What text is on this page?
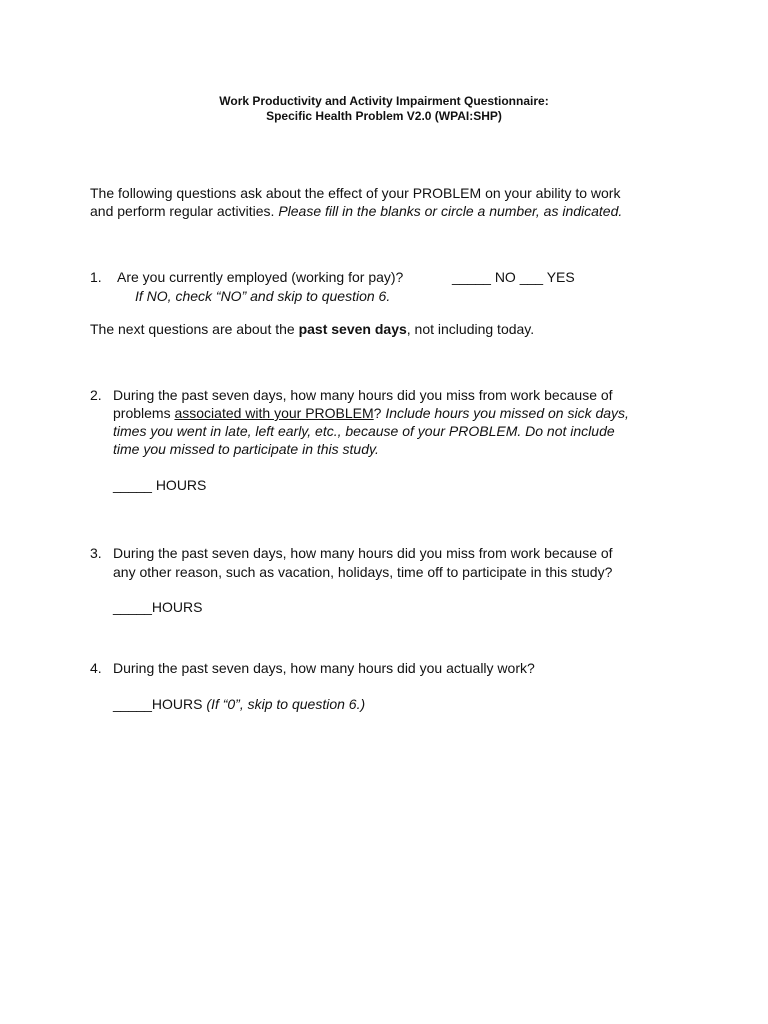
Work Productivity and Activity Impairment Questionnaire:
Specific Health Problem V2.0 (WPAI:SHP)
The following questions ask about the effect of your PROBLEM on your ability to work
and perform regular activities. Please fill in the blanks or circle a number, as indicated.
1. Are you currently employed (working for pay)?	_____ NO ___ YES
If NO, check “NO” and skip to question 6.
The next questions are about the past seven days, not including today.
2. During the past seven days, how many hours did you miss from work because of
problems associated with your PROBLEM? Include hours you missed on sick days,
times you went in late, left early, etc., because of your PROBLEM. Do not include
time you missed to participate in this study.
_____ HOURS
3. During the past seven days, how many hours did you miss from work because of
any other reason, such as vacation, holidays, time off to participate in this study?
_____HOURS
4. During the past seven days, how many hours did you actually work?
_____HOURS (If “0”, skip to question 6.)
